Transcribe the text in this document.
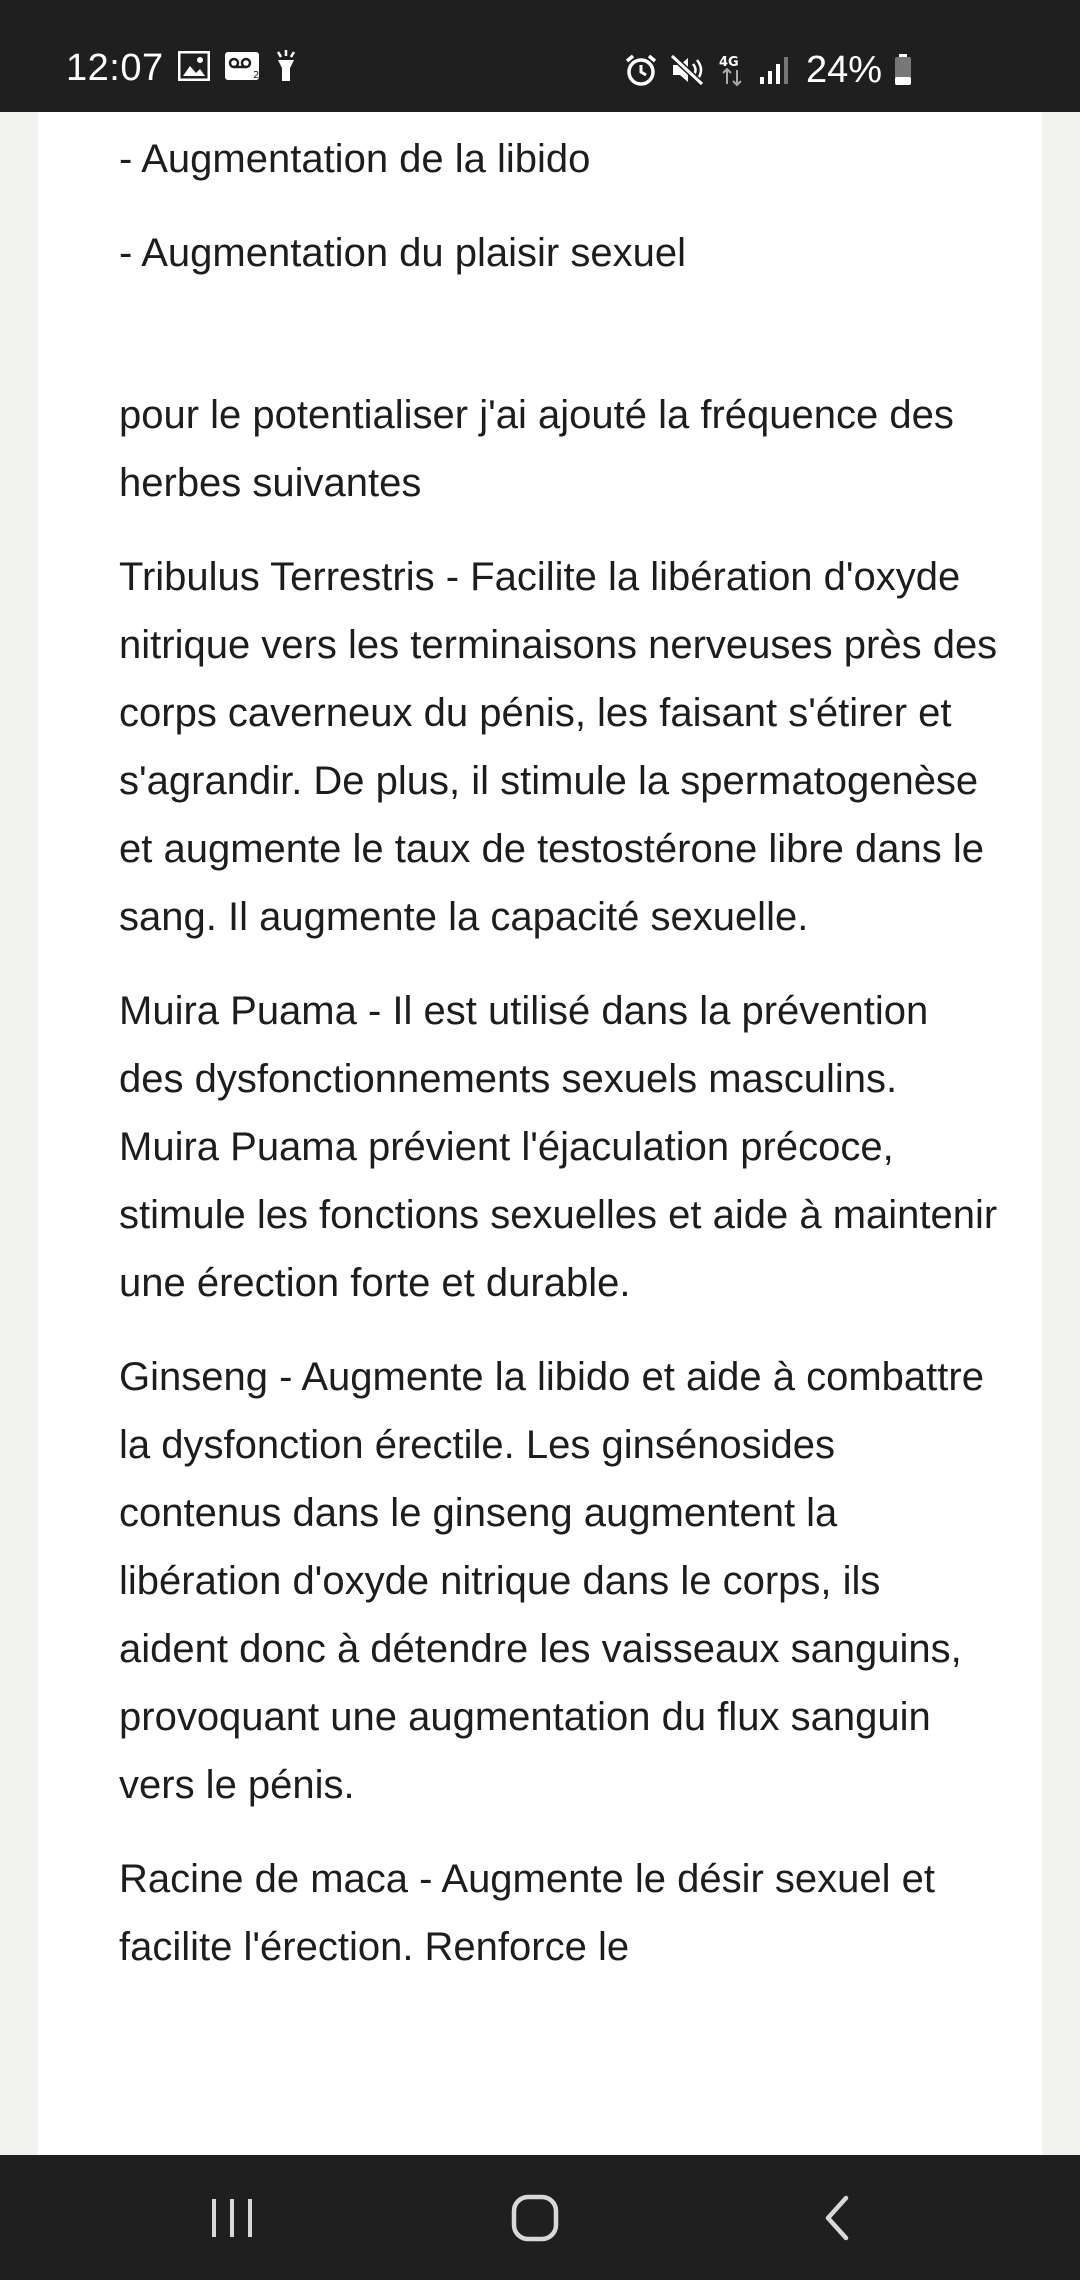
12:07	2
4G 24%

- Augmentation de la libido

- Augmentation du plaisir sexuel

pour le potentialiser j'ai ajouté la fréquence des herbes suivantes

Tribulus Terrestris - Facilite la libération d'oxyde nitrique vers les terminaisons nerveuses près des corps caverneux du pénis, les faisant s'étirer et s'agrandir. De plus, il stimule la spermatogenèse et augmente le taux de testostérone libre dans le sang. Il augmente la capacité sexuelle.

Muira Puama - Il est utilisé dans la prévention des dysfonctionnements sexuels masculins. Muira Puama prévient l'éjaculation précoce, stimule les fonctions sexuelles et aide à maintenir une érection forte et durable.

Ginseng - Augmente la libido et aide à combattre la dysfonction érectile. Les ginsénosides contenus dans le ginseng augmentent la libération d'oxyde nitrique dans le corps, ils aident donc à détendre les vaisseaux sanguins, provoquant une augmentation du flux sanguin vers le pénis.

Racine de maca - Augmente le désir sexuel et facilite l'érection. Renforce le
